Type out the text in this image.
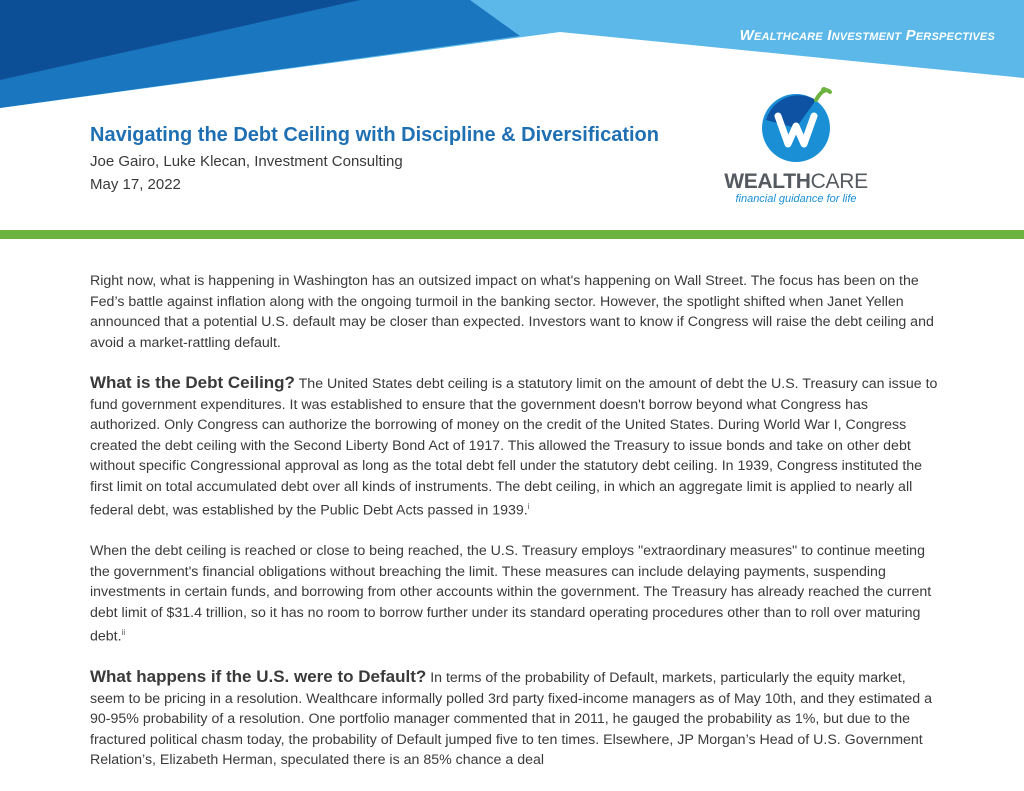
Wealthcare Investment Perspectives
Navigating the Debt Ceiling with Discipline & Diversification
Joe Gairo, Luke Klecan, Investment Consulting
May 17, 2022	WEALTHCARE
financial guidance for life

Right now, what is happening in Washington has an outsized impact on what's happening on Wall Street. The focus has been on the Fed’s battle against inflation along with the ongoing turmoil in the banking sector. However, the spotlight shifted when Janet Yellen announced that a potential U.S. default may be closer than expected. Investors want to know if Congress will raise the debt ceiling and avoid a market-rattling default.

What is the Debt Ceiling? The United States debt ceiling is a statutory limit on the amount of debt the U.S. Treasury can issue to fund government expenditures. It was established to ensure that the government doesn't borrow beyond what Congress has authorized. Only Congress can authorize the borrowing of money on the credit of the United States. During World War I, Congress created the debt ceiling with the Second Liberty Bond Act of 1917. This allowed the Treasury to issue bonds and take on other debt without specific Congressional approval as long as the total debt fell under the statutory debt ceiling. In 1939, Congress instituted the first limit on total accumulated debt over all kinds of instruments. The debt ceiling, in which an aggregate limit is applied to nearly all federal debt, was established by the Public Debt Acts passed in 1939.$^i$

When the debt ceiling is reached or close to being reached, the U.S. Treasury employs "extraordinary measures" to continue meeting the government's financial obligations without breaching the limit. These measures can include delaying payments, suspending investments in certain funds, and borrowing from other accounts within the government. The Treasury has already reached the current debt limit of $31.4 trillion, so it has no room to borrow further under its standard operating procedures other than to roll over maturing debt.$^{ii}$

What happens if the U.S. were to Default? In terms of the probability of Default, markets, particularly the equity market, seem to be pricing in a resolution. Wealthcare informally polled 3rd party fixed-income managers as of May 10th, and they estimated a 90-95% probability of a resolution. One portfolio manager commented that in 2011, he gauged the probability as 1%, but due to the fractured political chasm today, the probability of Default jumped five to ten times. Elsewhere, JP Morgan’s Head of U.S. Government Relation’s, Elizabeth Herman, speculated there is an 85% chance a deal
